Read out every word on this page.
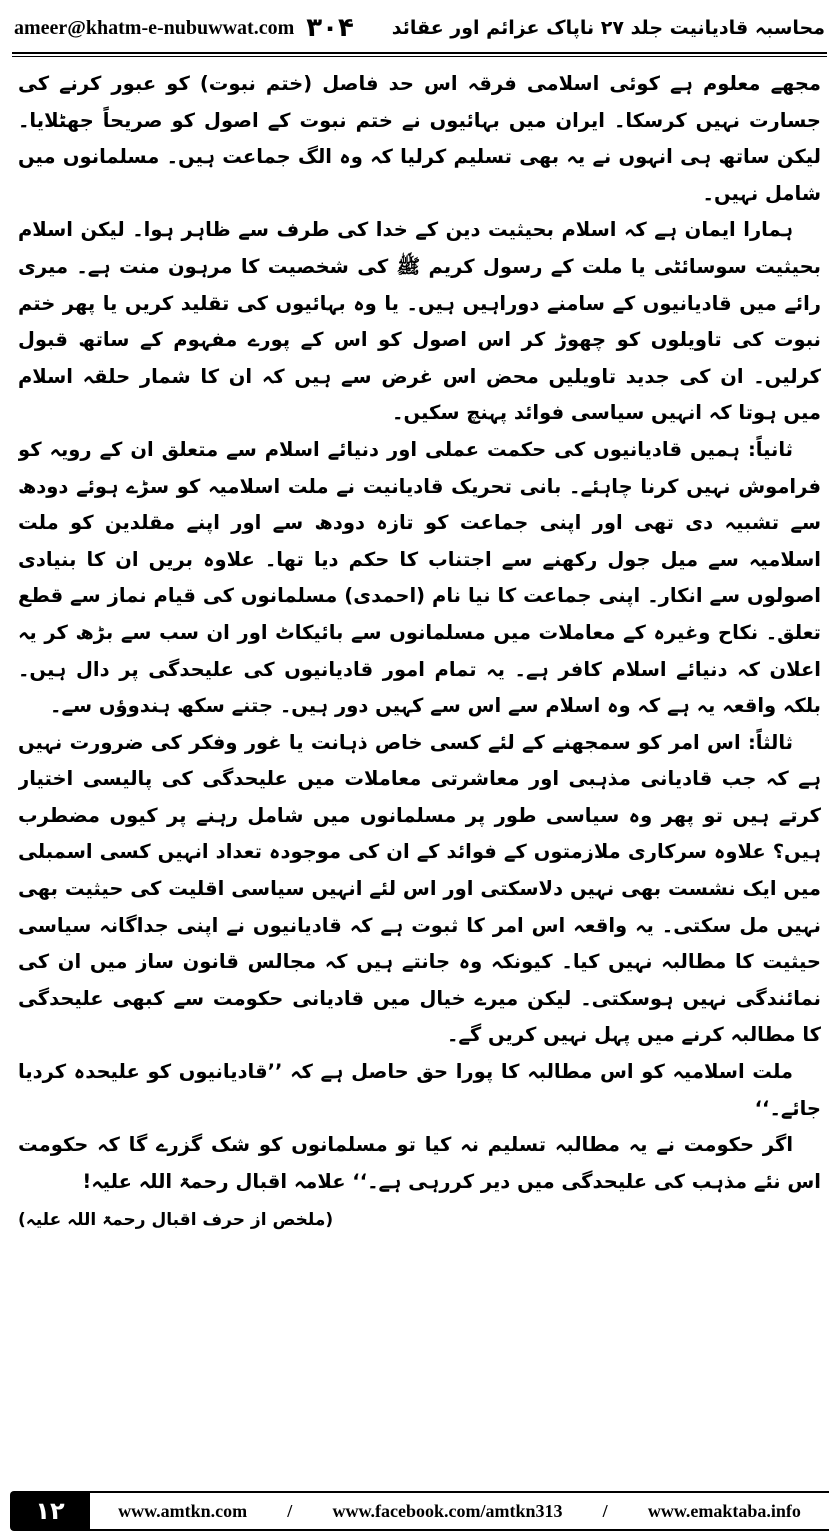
ameer@khatm-e-nubuwwat.com ۳۰۴	محاسبہ قادیانیت جلد ۲۷ ناپاک عزائم اور عقائد

مجھے معلوم ہے کوئی اسلامی فرقہ اس حد فاصل (ختم نبوت) کو عبور کرنے کی جسارت نہیں کرسکا۔ ایران میں بہائیوں نے ختم نبوت کے اصول کو صریحاً جھٹلایا۔ لیکن ساتھ ہی انہوں نے یہ بھی تسلیم کرلیا کہ وہ الگ جماعت ہیں۔ مسلمانوں میں شامل نہیں۔

ہمارا ایمان ہے کہ اسلام بحیثیت دین کے خدا کی طرف سے ظاہر ہوا۔ لیکن اسلام بحیثیت سوسائٹی یا ملت کے رسول کریم ﷺ کی شخصیت کا مرہون منت ہے۔ میری رائے میں قادیانیوں کے سامنے دوراہیں ہیں۔ یا وہ بہائیوں کی تقلید کریں یا پھر ختم نبوت کی تاویلوں کو چھوڑ کر اس اصول کو اس کے پورے مفہوم کے ساتھ قبول کرلیں۔ ان کی جدید تاویلیں محض اس غرض سے ہیں کہ ان کا شمار حلقہ اسلام میں ہوتا کہ انہیں سیاسی فوائد پہنچ سکیں۔

ثانیاً: ہمیں قادیانیوں کی حکمت عملی اور دنیائے اسلام سے متعلق ان کے رویہ کو فراموش نہیں کرنا چاہئے۔ بانی تحریک قادیانیت نے ملت اسلامیہ کو سڑے ہوئے دودھ سے تشبیہ دی تھی اور اپنی جماعت کو تازہ دودھ سے اور اپنے مقلدین کو ملت اسلامیہ سے میل جول رکھنے سے اجتناب کا حکم دیا تھا۔ علاوہ بریں ان کا بنیادی اصولوں سے انکار۔ اپنی جماعت کا نیا نام (احمدی) مسلمانوں کی قیام نماز سے قطع تعلق۔ نکاح وغیرہ کے معاملات میں مسلمانوں سے بائیکاٹ اور ان سب سے بڑھ کر یہ اعلان کہ دنیائے اسلام کافر ہے۔ یہ تمام امور قادیانیوں کی علیحدگی پر دال ہیں۔ بلکہ واقعہ یہ ہے کہ وہ اسلام سے اس سے کہیں دور ہیں۔ جتنے سکھ ہندوؤں سے۔

ثالثاً: اس امر کو سمجھنے کے لئے کسی خاص ذہانت یا غور وفکر کی ضرورت نہیں ہے کہ جب قادیانی مذہبی اور معاشرتی معاملات میں علیحدگی کی پالیسی اختیار کرتے ہیں تو پھر وہ سیاسی طور پر مسلمانوں میں شامل رہنے پر کیوں مضطرب ہیں؟ علاوہ سرکاری ملازمتوں کے فوائد کے ان کی موجودہ تعداد انہیں کسی اسمبلی میں ایک نشست بھی نہیں دلاسکتی اور اس لئے انہیں سیاسی اقلیت کی حیثیت بھی نہیں مل سکتی۔ یہ واقعہ اس امر کا ثبوت ہے کہ قادیانیوں نے اپنی جداگانہ سیاسی حیثیت کا مطالبہ نہیں کیا۔ کیونکہ وہ جانتے ہیں کہ مجالس قانون ساز میں ان کی نمائندگی نہیں ہوسکتی۔ لیکن میرے خیال میں قادیانی حکومت سے کبھی علیحدگی کا مطالبہ کرنے میں پہل نہیں کریں گے۔

ملت اسلامیہ کو اس مطالبہ کا پورا حق حاصل ہے کہ ’’قادیانیوں کو علیحدہ کردیا جائے۔‘‘

اگر حکومت نے یہ مطالبہ تسلیم نہ کیا تو مسلمانوں کو شک گزرے گا کہ حکومت اس نئے مذہب کی علیحدگی میں دیر کررہی ہے۔‘‘ علامہ اقبال رحمۃ اللہ علیہ!

(ملخص از حرف اقبال رحمۃ اللہ علیہ)
۱۲	www.amtkn.com / www.facebook.com/amtkn313 / www.emaktaba.info
